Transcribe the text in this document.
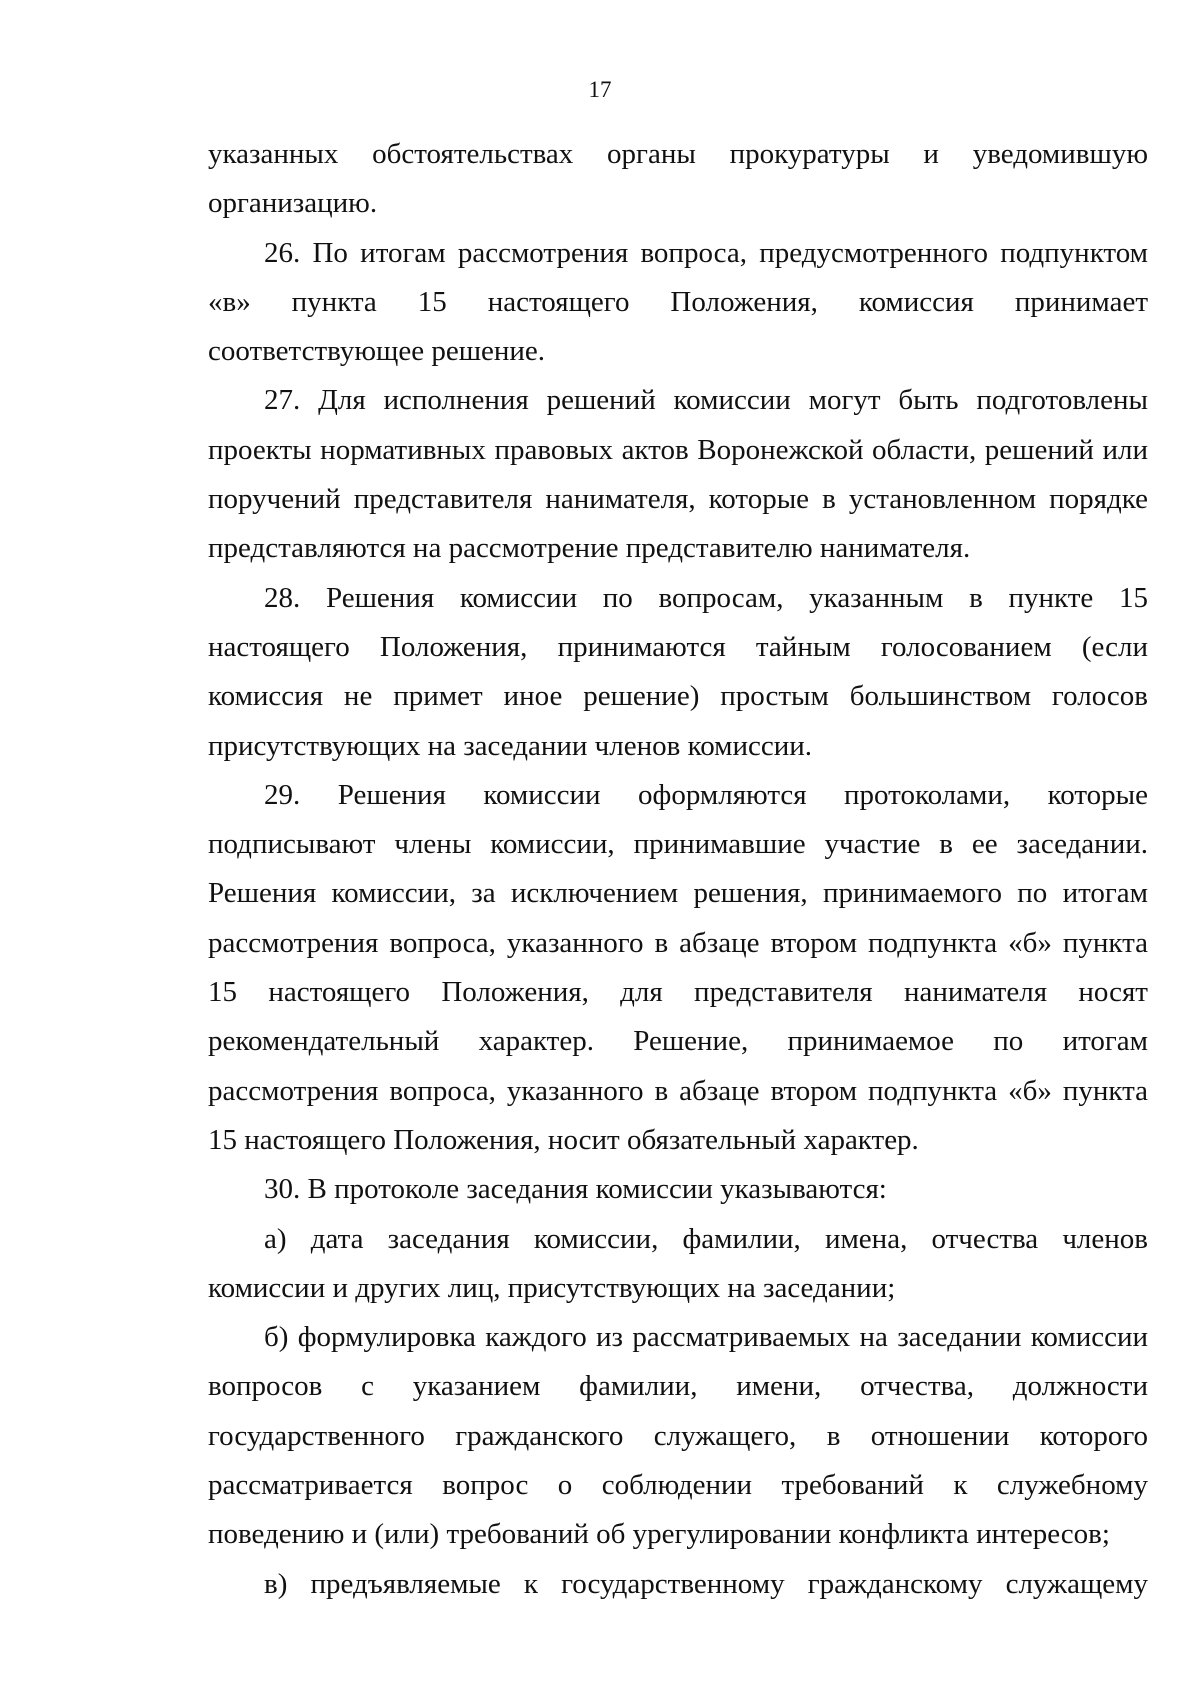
17

указанных обстоятельствах органы прокуратуры и уведомившую организацию.

26. По итогам рассмотрения вопроса, предусмотренного подпунктом «в» пункта 15 настоящего Положения, комиссия принимает соответствующее решение.

27. Для исполнения решений комиссии могут быть подготовлены проекты нормативных правовых актов Воронежской области, решений или поручений представителя нанимателя, которые в установленном порядке представляются на рассмотрение представителю нанимателя.

28. Решения комиссии по вопросам, указанным в пункте 15 настоящего Положения, принимаются тайным голосованием (если комиссия не примет иное решение) простым большинством голосов присутствующих на заседании членов комиссии.

29. Решения комиссии оформляются протоколами, которые подписывают члены комиссии, принимавшие участие в ее заседании. Решения комиссии, за исключением решения, принимаемого по итогам рассмотрения вопроса, указанного в абзаце втором подпункта «б» пункта 15 настоящего Положения, для представителя нанимателя носят рекомендательный характер. Решение, принимаемое по итогам рассмотрения вопроса, указанного в абзаце втором подпункта «б» пункта 15 настоящего Положения, носит обязательный характер.

30. В протоколе заседания комиссии указываются:

а) дата заседания комиссии, фамилии, имена, отчества членов комиссии и других лиц, присутствующих на заседании;

б) формулировка каждого из рассматриваемых на заседании комиссии вопросов с указанием фамилии, имени, отчества, должности государственного гражданского служащего, в отношении которого рассматривается вопрос о соблюдении требований к служебному поведению и (или) требований об урегулировании конфликта интересов;

в) предъявляемые к государственному гражданскому служащему
